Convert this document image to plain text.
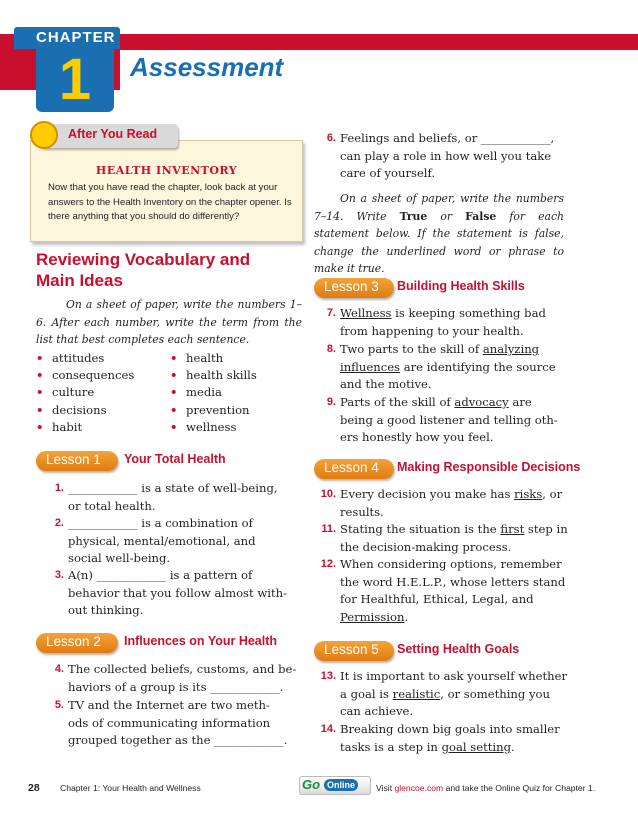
CHAPTER
1	Assessment
After You Read
HEALTH INVENTORY
Now that you have read the chapter, look back at your answers to the Health Inventory on the chapter opener. Is there anything that you should do differently?
Reviewing Vocabulary and
Main Ideas
On a sheet of paper, write the numbers 1–6. After each number, write the term from the list that best completes each sentence.
• attitudes
• consequences
• culture
• decisions
• habit
• health
• health skills
• media
• prevention
• wellness
Lesson 1	Your Total Health
1. ____________ is a state of well-being,
or total health.
2. ____________ is a combination of
physical, mental/emotional, and
social well-being.
3. A(n) ____________ is a pattern of
behavior that you follow almost with-
out thinking.
Lesson 2	Influences on Your Health
4. The collected beliefs, customs, and be-
haviors of a group is its ____________.
5. TV and the Internet are two meth-
ods of communicating information
grouped together as the ____________.
6. Feelings and beliefs, or ____________,
can play a role in how well you take
care of yourself.
On a sheet of paper, write the numbers 7–14. Write True or False for each statement below. If the statement is false, change the underlined word or phrase to make it true.
Lesson 3	Building Health Skills
7. Wellness is keeping something bad
from happening to your health.
8. Two parts to the skill of analyzing
influences are identifying the source
and the motive.
9. Parts of the skill of advocacy are
being a good listener and telling oth-
ers honestly how you feel.
Lesson 4	Making Responsible Decisions
10. Every decision you make has risks, or
results.
11. Stating the situation is the first step in
the decision-making process.
12. When considering options, remember
the word H.E.L.P., whose letters stand
for Healthful, Ethical, Legal, and
Permission.
Lesson 5	Setting Health Goals
13. It is important to ask yourself whether
a goal is realistic, or something you
can achieve.
14. Breaking down big goals into smaller
tasks is a step in goal setting.
28 Chapter 1: Your Health and Wellness	Go Online	Visit glencoe.com and take the Online Quiz for Chapter 1.
